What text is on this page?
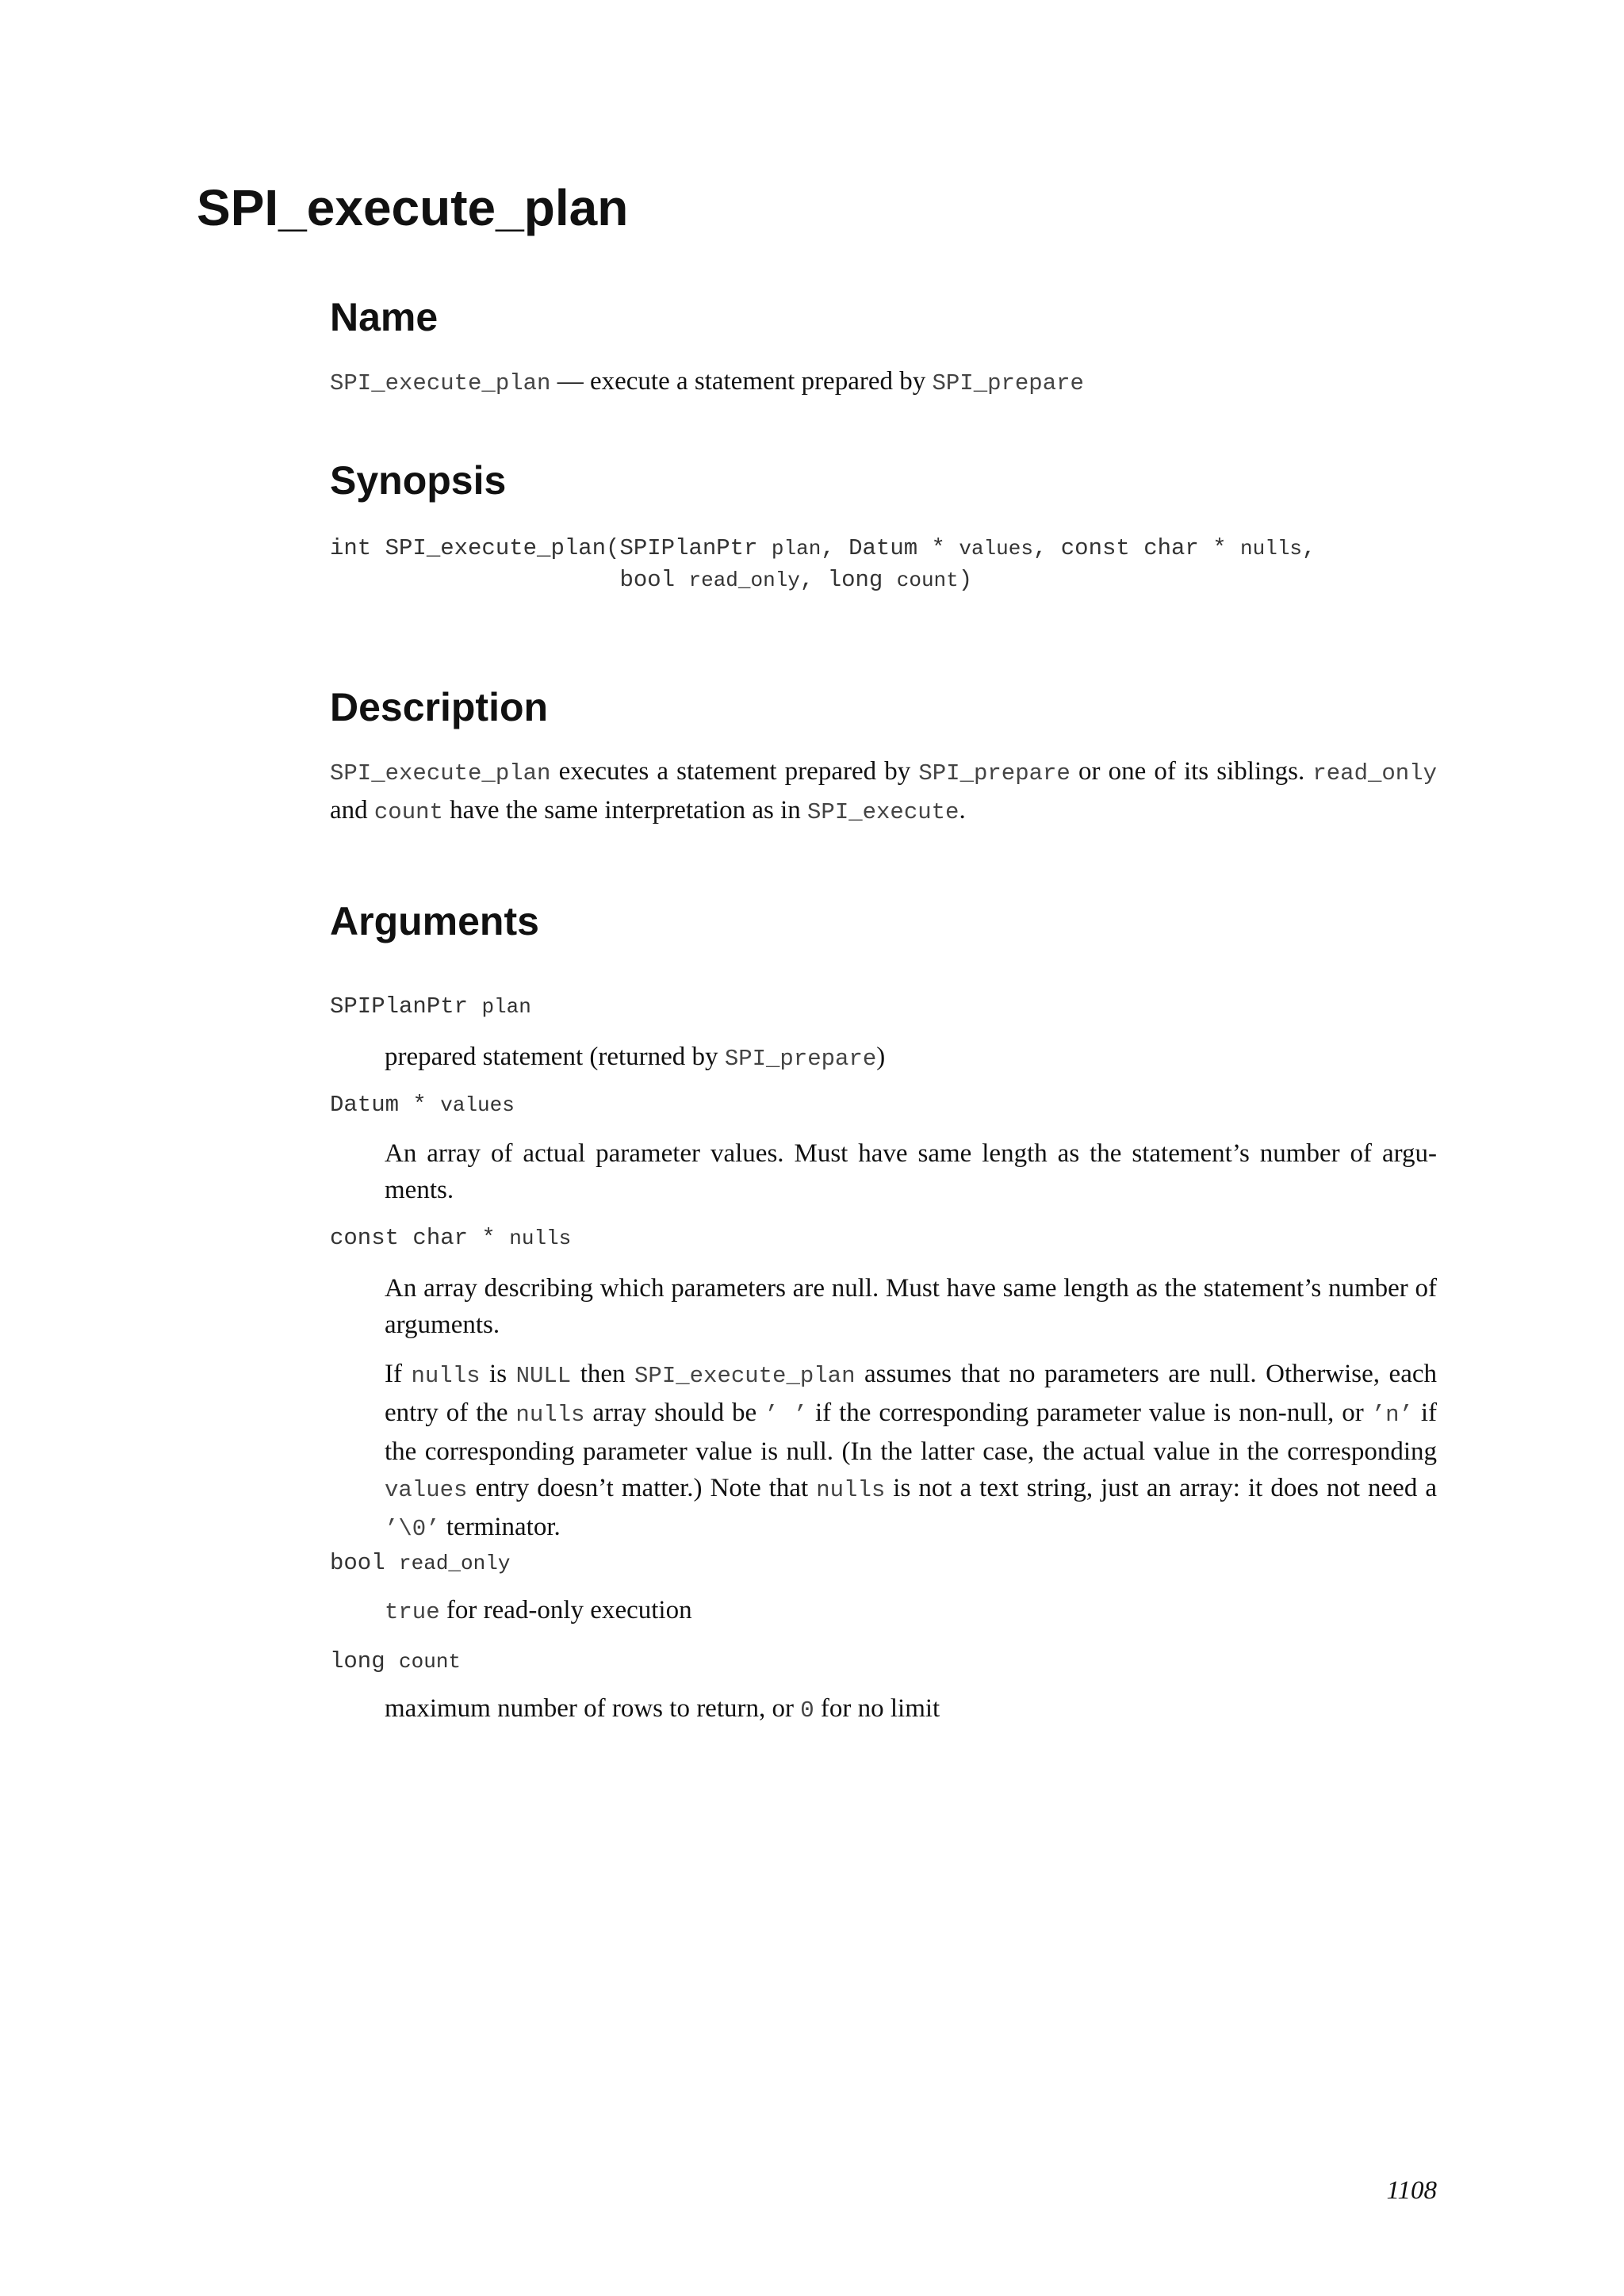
SPI_execute_plan
Name

SPI_execute_plan — execute a statement prepared by SPI_prepare

Synopsis
int SPI_execute_plan(SPIPlanPtr plan, Datum * values, const char * nulls,
bool read_only, long count)
Description

SPI_execute_plan executes a statement prepared by SPI_prepare or one of its siblings. read_only and count have the same interpretation as in SPI_execute.

Arguments
SPIPlanPtr plan

prepared statement (returned by SPI_prepare)

Datum * values

An array of actual parameter values. Must have same length as the statement’s number of argu-ments.

const char * nulls

An array describing which parameters are null. Must have same length as the statement’s number of arguments.

If nulls is NULL then SPI_execute_plan assumes that no parameters are null. Otherwise, each entry of the nulls array should be ’ ’ if the corresponding parameter value is non-null, or ’n’ if the corresponding parameter value is null. (In the latter case, the actual value in the corresponding values entry doesn’t matter.) Note that nulls is not a text string, just an array: it does not need a ’\0’ terminator.

bool read_only

true for read-only execution

long count

maximum number of rows to return, or 0 for no limit

1108
